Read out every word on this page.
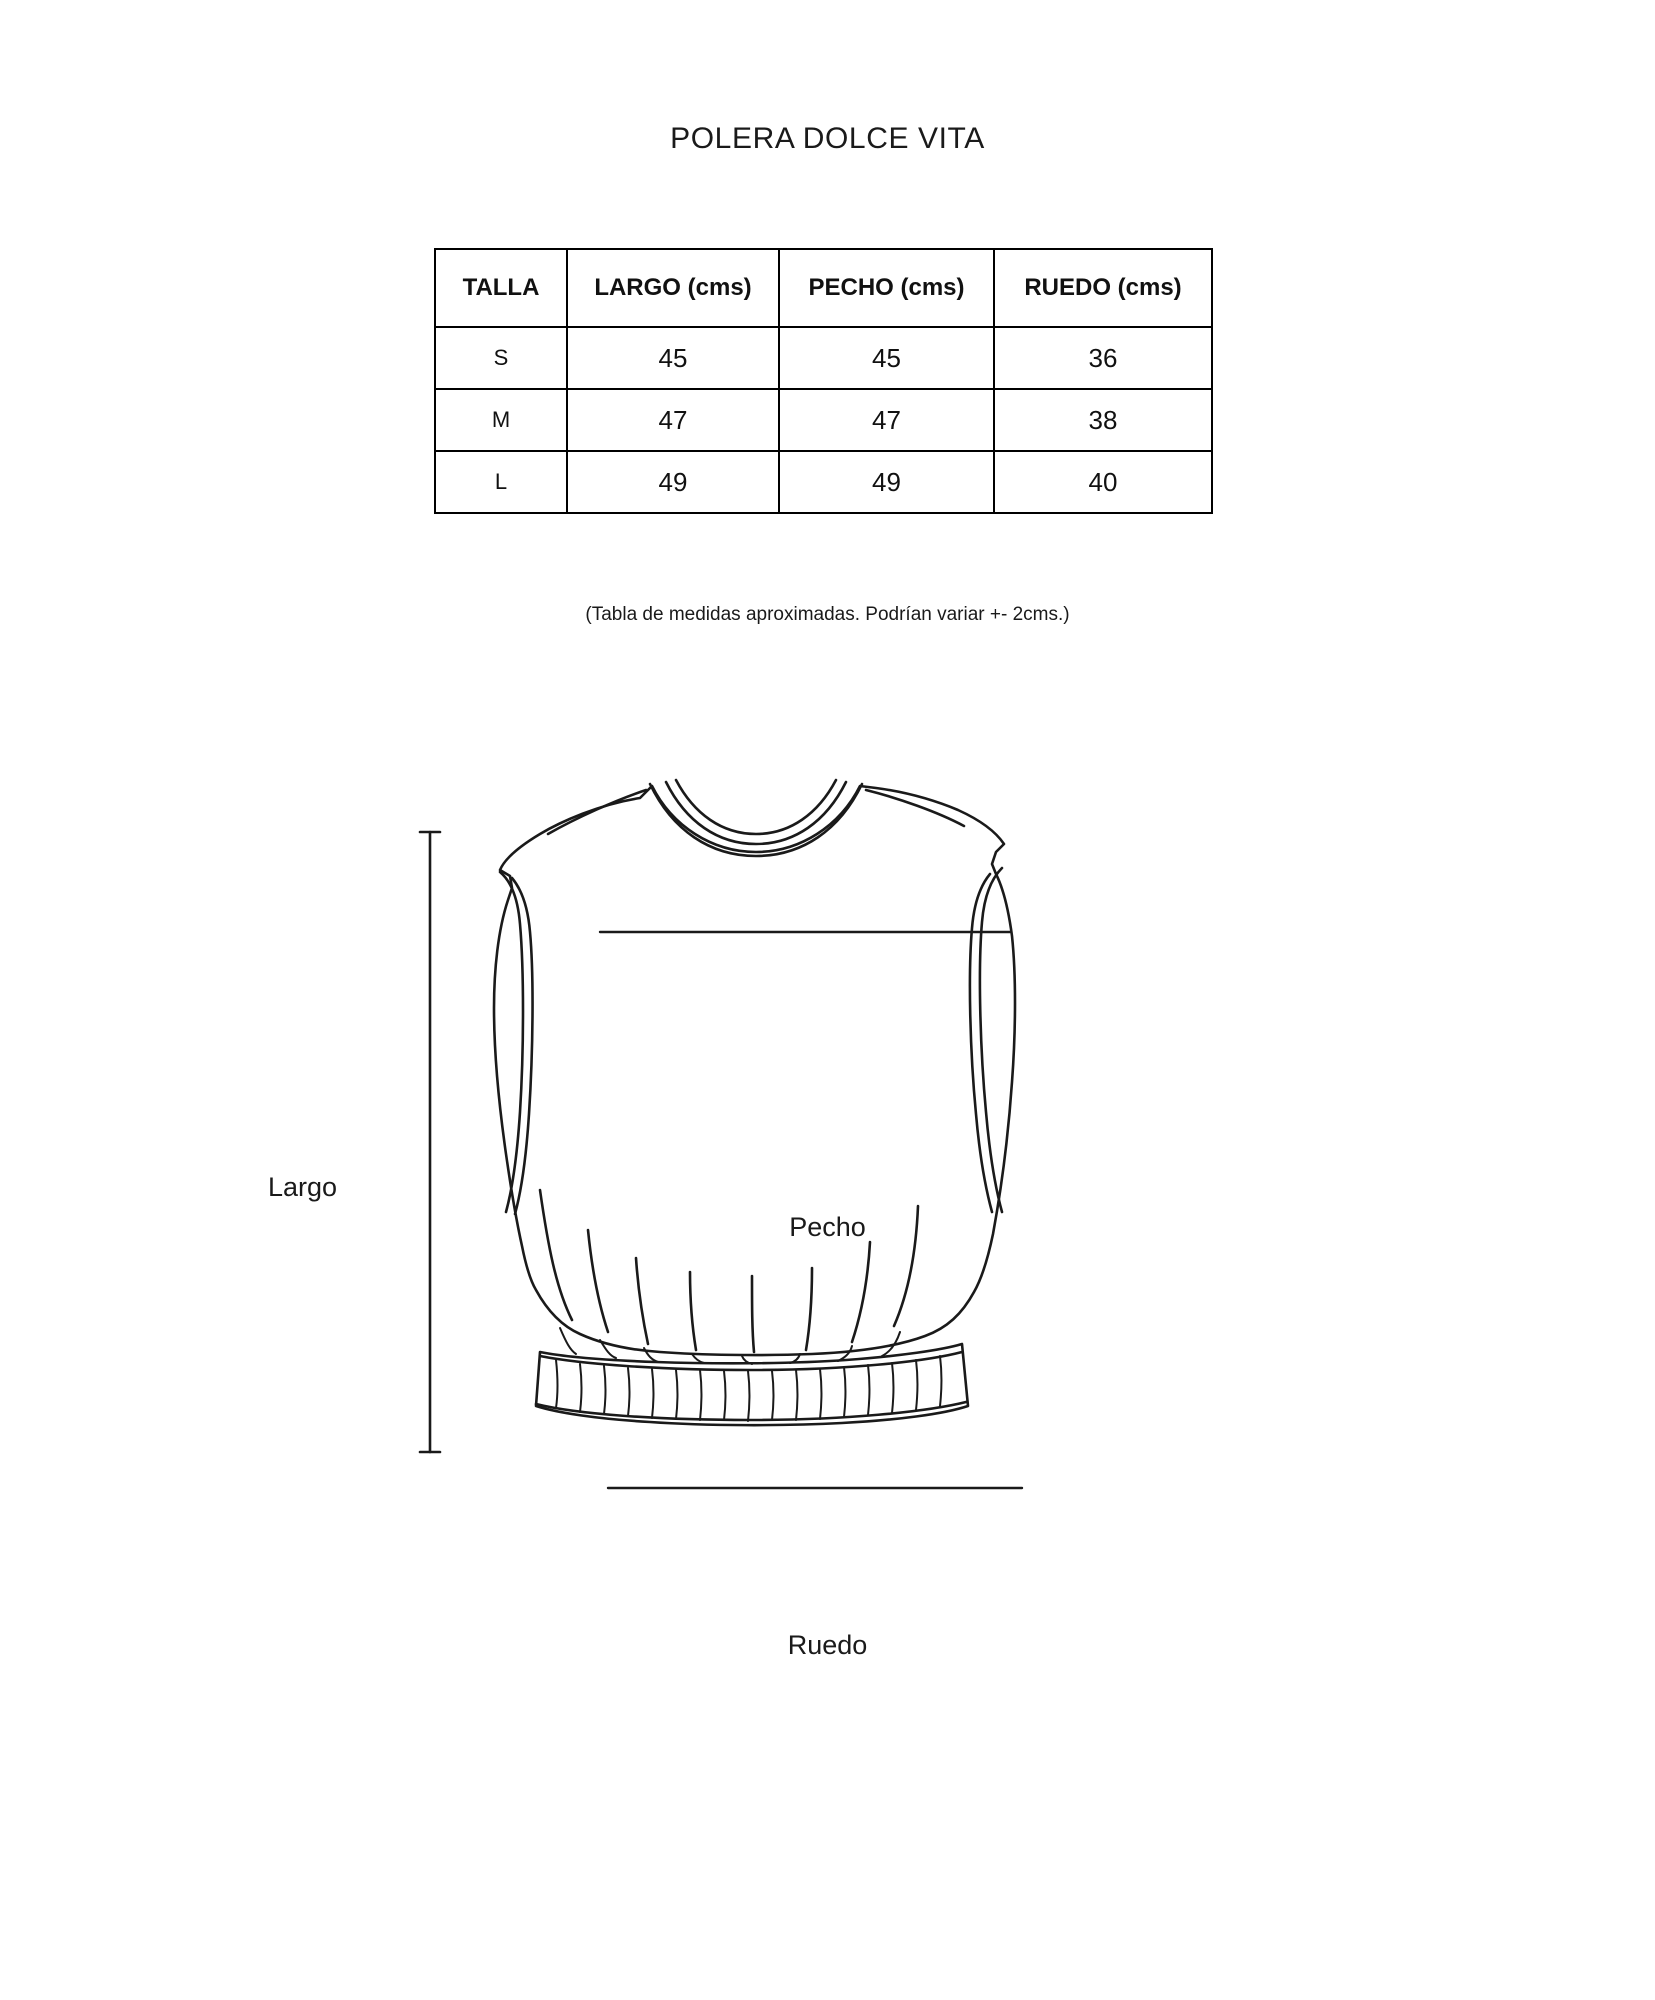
POLERA DOLCE VITA
TALLA	LARGO (cms)	PECHO (cms)	RUEDO (cms)
S	45	45	36
M	47	47	38
L	49	49	40
(Tabla de medidas aproximadas. Podrían variar +- 2cms.)
Largo
Pecho
Ruedo
